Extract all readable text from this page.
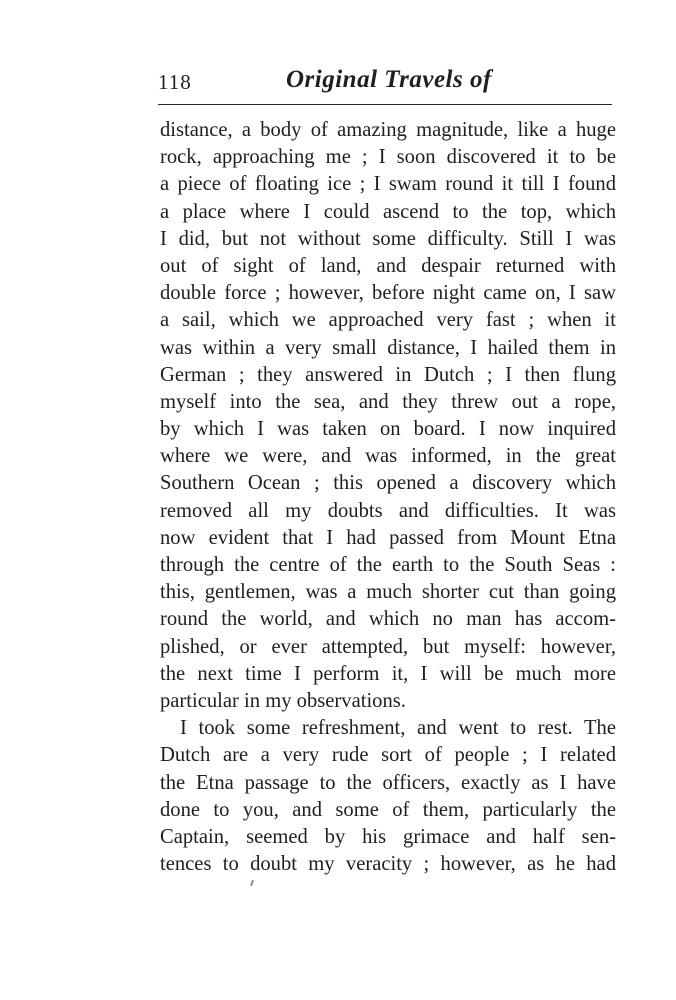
118	Original Travels of
distance, a body of amazing magnitude, like a huge
rock, approaching me ; I soon discovered it to be
a piece of floating ice ; I swam round it till I found
a place where I could ascend to the top, which
I did, but not without some difficulty. Still I was
out of sight of land, and despair returned with
double force ; however, before night came on, I saw
a sail, which we approached very fast ; when it
was within a very small distance, I hailed them in
German ; they answered in Dutch ; I then flung
myself into the sea, and they threw out a rope,
by which I was taken on board. I now inquired
where we were, and was informed, in the great
Southern Ocean ; this opened a discovery which
removed all my doubts and difficulties. It was
now evident that I had passed from Mount Etna
through the centre of the earth to the South Seas :
this, gentlemen, was a much shorter cut than going
round the world, and which no man has accom-
plished, or ever attempted, but myself: however,
the next time I perform it, I will be much more
particular in my observations.
I took some refreshment, and went to rest. The
Dutch are a very rude sort of people ; I related
the Etna passage to the officers, exactly as I have
done to you, and some of them, particularly the
Captain, seemed by his grimace and half sen-
tences to doubt my veracity ; however, as he had
